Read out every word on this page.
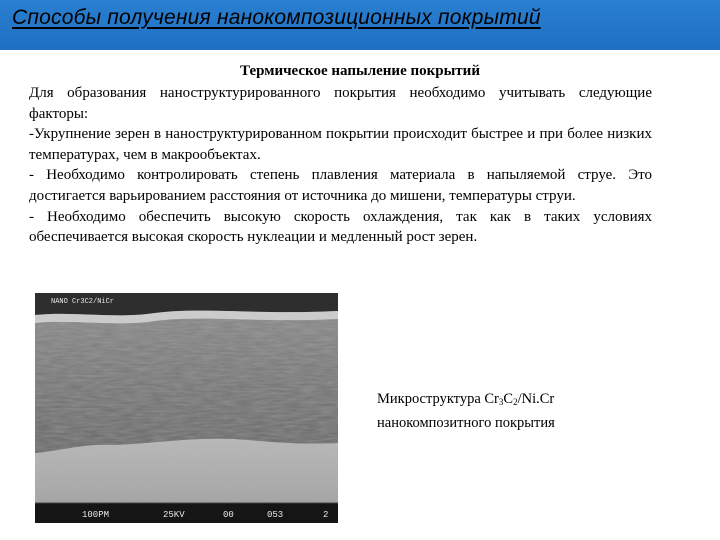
Способы получения нанокомпозиционных покрытий
Термическое напыление покрытий

Для образования наноструктурированного покрытия необходимо учитывать следующие факторы:

-Укрупнение зерен в наноструктурированном покрытии происходит быстрее и при более низких температурах, чем в макрообъектах.

- Необходимо контролировать степень плавления материала в напыляемой струе. Это достигается варьированием расстояния от источника до мишени, температуры струи.

- Необходимо обеспечить высокую скорость охлаждения, так как в таких условиях обеспечивается высокая скорость нуклеации и медленный рост зерен.

NANO Cr3C2/NiCr
100PM	25KV	00	053	2
Микроструктура $Cr_3C_2/Ni.Cr$
нанокомпозитного покрытия
